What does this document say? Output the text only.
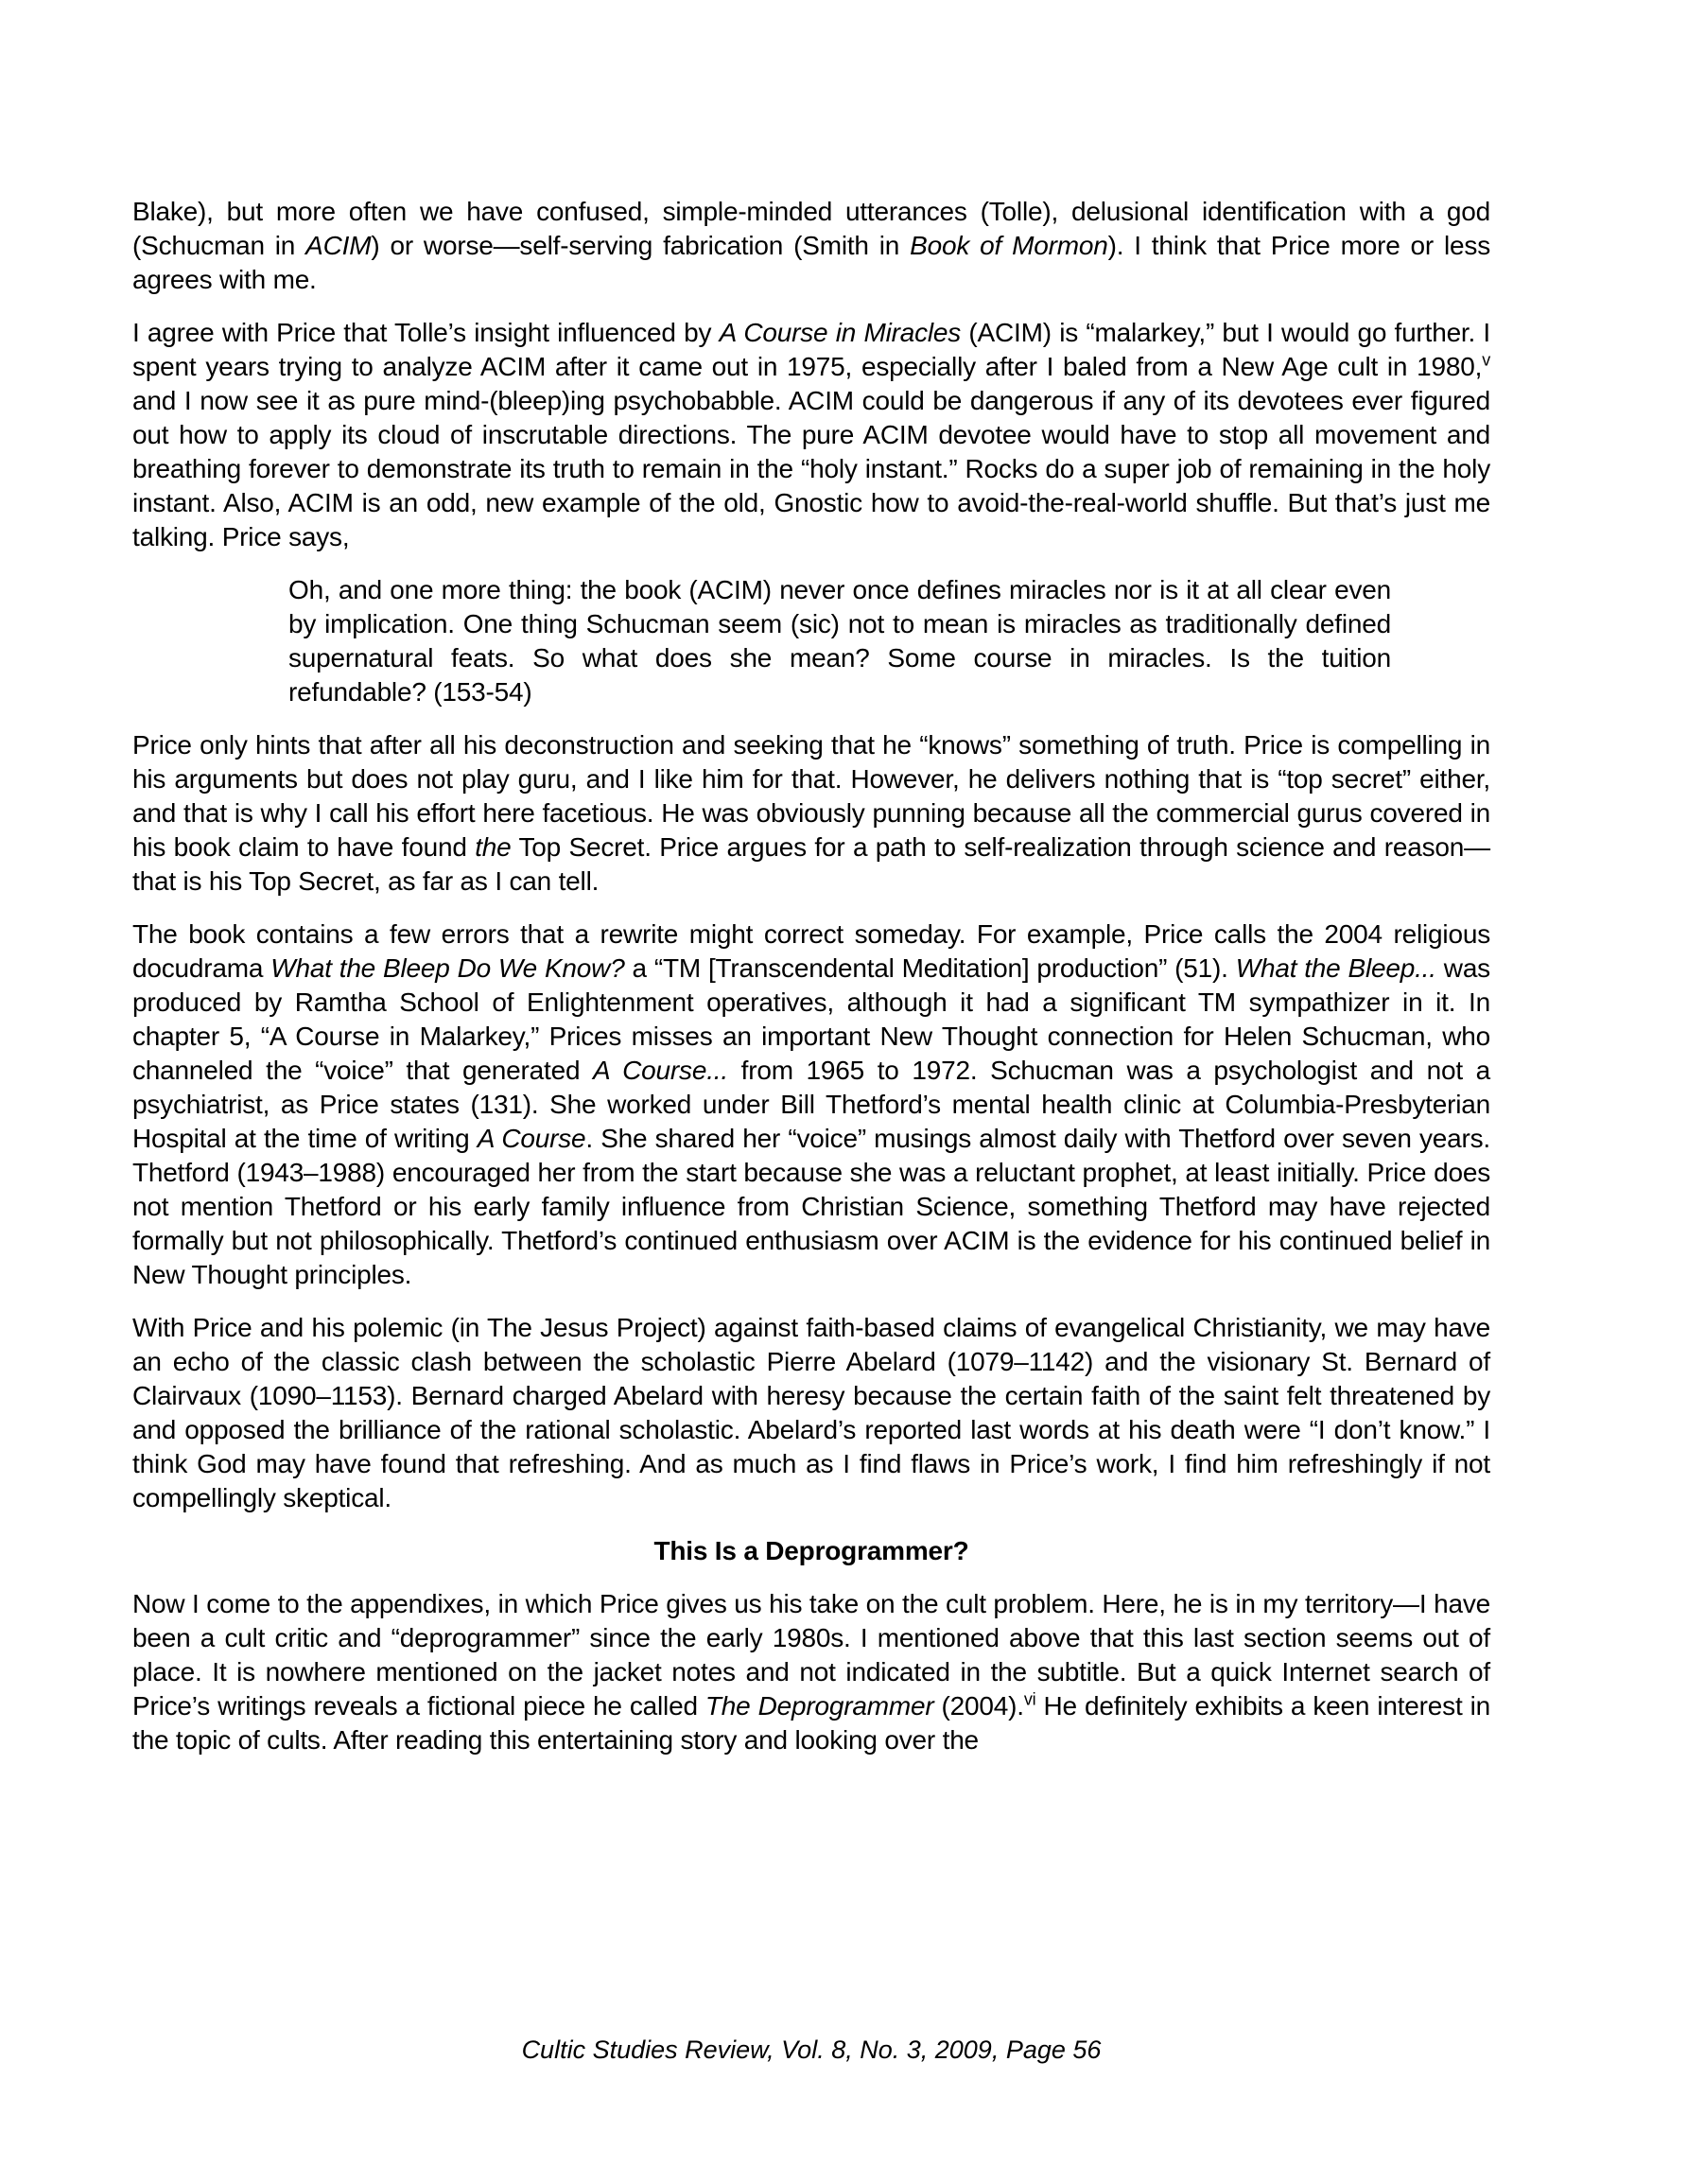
Blake), but more often we have confused, simple-minded utterances (Tolle), delusional identification with a god (Schucman in ACIM) or worse—self-serving fabrication (Smith in Book of Mormon). I think that Price more or less agrees with me.
I agree with Price that Tolle’s insight influenced by A Course in Miracles (ACIM) is “malarkey,” but I would go further. I spent years trying to analyze ACIM after it came out in 1975, especially after I baled from a New Age cult in 1980,$^v$ and I now see it as pure mind-(bleep)ing psychobabble. ACIM could be dangerous if any of its devotees ever figured out how to apply its cloud of inscrutable directions. The pure ACIM devotee would have to stop all movement and breathing forever to demonstrate its truth to remain in the “holy instant.” Rocks do a super job of remaining in the holy instant. Also, ACIM is an odd, new example of the old, Gnostic how to avoid-the-real-world shuffle. But that’s just me talking. Price says,
Oh, and one more thing: the book (ACIM) never once defines miracles nor is it at all clear even by implication. One thing Schucman seem (sic) not to mean is miracles as traditionally defined supernatural feats. So what does she mean? Some course in miracles. Is the tuition refundable? (153-54)
Price only hints that after all his deconstruction and seeking that he “knows” something of truth. Price is compelling in his arguments but does not play guru, and I like him for that. However, he delivers nothing that is “top secret” either, and that is why I call his effort here facetious. He was obviously punning because all the commercial gurus covered in his book claim to have found the Top Secret. Price argues for a path to self-realization through science and reason—that is his Top Secret, as far as I can tell.
The book contains a few errors that a rewrite might correct someday. For example, Price calls the 2004 religious docudrama What the Bleep Do We Know? a “TM [Transcendental Meditation] production” (51). What the Bleep... was produced by Ramtha School of Enlightenment operatives, although it had a significant TM sympathizer in it. In chapter 5, “A Course in Malarkey,” Prices misses an important New Thought connection for Helen Schucman, who channeled the “voice” that generated A Course... from 1965 to 1972. Schucman was a psychologist and not a psychiatrist, as Price states (131). She worked under Bill Thetford’s mental health clinic at Columbia-Presbyterian Hospital at the time of writing A Course. She shared her “voice” musings almost daily with Thetford over seven years. Thetford (1943–1988) encouraged her from the start because she was a reluctant prophet, at least initially. Price does not mention Thetford or his early family influence from Christian Science, something Thetford may have rejected formally but not philosophically. Thetford’s continued enthusiasm over ACIM is the evidence for his continued belief in New Thought principles.
With Price and his polemic (in The Jesus Project) against faith-based claims of evangelical Christianity, we may have an echo of the classic clash between the scholastic Pierre Abelard (1079–1142) and the visionary St. Bernard of Clairvaux (1090–1153). Bernard charged Abelard with heresy because the certain faith of the saint felt threatened by and opposed the brilliance of the rational scholastic. Abelard’s reported last words at his death were “I don’t know.” I think God may have found that refreshing. And as much as I find flaws in Price’s work, I find him refreshingly if not compellingly skeptical.
This Is a Deprogrammer?
Now I come to the appendixes, in which Price gives us his take on the cult problem. Here, he is in my territory—I have been a cult critic and “deprogrammer” since the early 1980s. I mentioned above that this last section seems out of place. It is nowhere mentioned on the jacket notes and not indicated in the subtitle. But a quick Internet search of Price’s writings reveals a fictional piece he called The Deprogrammer (2004).$^{vi}$ He definitely exhibits a keen interest in the topic of cults. After reading this entertaining story and looking over the
Cultic Studies Review, Vol. 8, No. 3, 2009, Page 56
